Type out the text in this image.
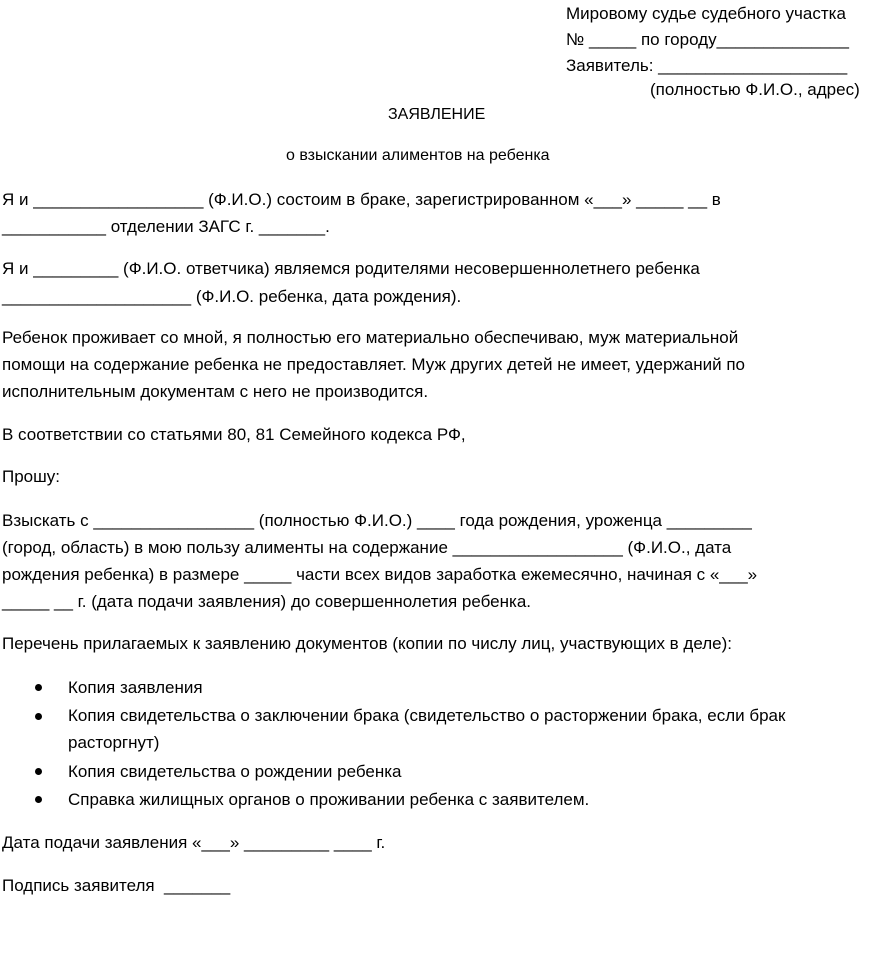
Мировому судье судебного участка

№ _____ по городу______________

Заявитель: ____________________

(полностью Ф.И.О., адрес)

ЗАЯВЛЕНИЕ

о взыскании алиментов на ребенка

Я и __________________ (Ф.И.О.) состоим в браке, зарегистрированном «___» _____ __ в

___________ отделении ЗАГС г. _______.

Я и _________ (Ф.И.О. ответчика) являемся родителями несовершеннолетнего ребенка

____________________ (Ф.И.О. ребенка, дата рождения).

Ребенок проживает со мной, я полностью его материально обеспечиваю, муж материальной

помощи на содержание ребенка не предоставляет. Муж других детей не имеет, удержаний по

исполнительным документам с него не производится.

В соответствии со статьями 80, 81 Семейного кодекса РФ,

Прошу:

Взыскать с _________________ (полностью Ф.И.О.) ____ года рождения, уроженца _________

(город, область) в мою пользу алименты на содержание __________________ (Ф.И.О., дата

рождения ребенка) в размере _____ части всех видов заработка ежемесячно, начиная с «___»

_____ __ г. (дата подачи заявления) до совершеннолетия ребенка.

Перечень прилагаемых к заявлению документов (копии по числу лиц, участвующих в деле):

Копия заявления

Копия свидетельства о заключении брака (свидетельство о расторжении брака, если брак

расторгнут)

Копия свидетельства о рождении ребенка

Справка жилищных органов о проживании ребенка с заявителем.

Дата подачи заявления «___» _________ ____ г.

Подпись заявителя  _______
